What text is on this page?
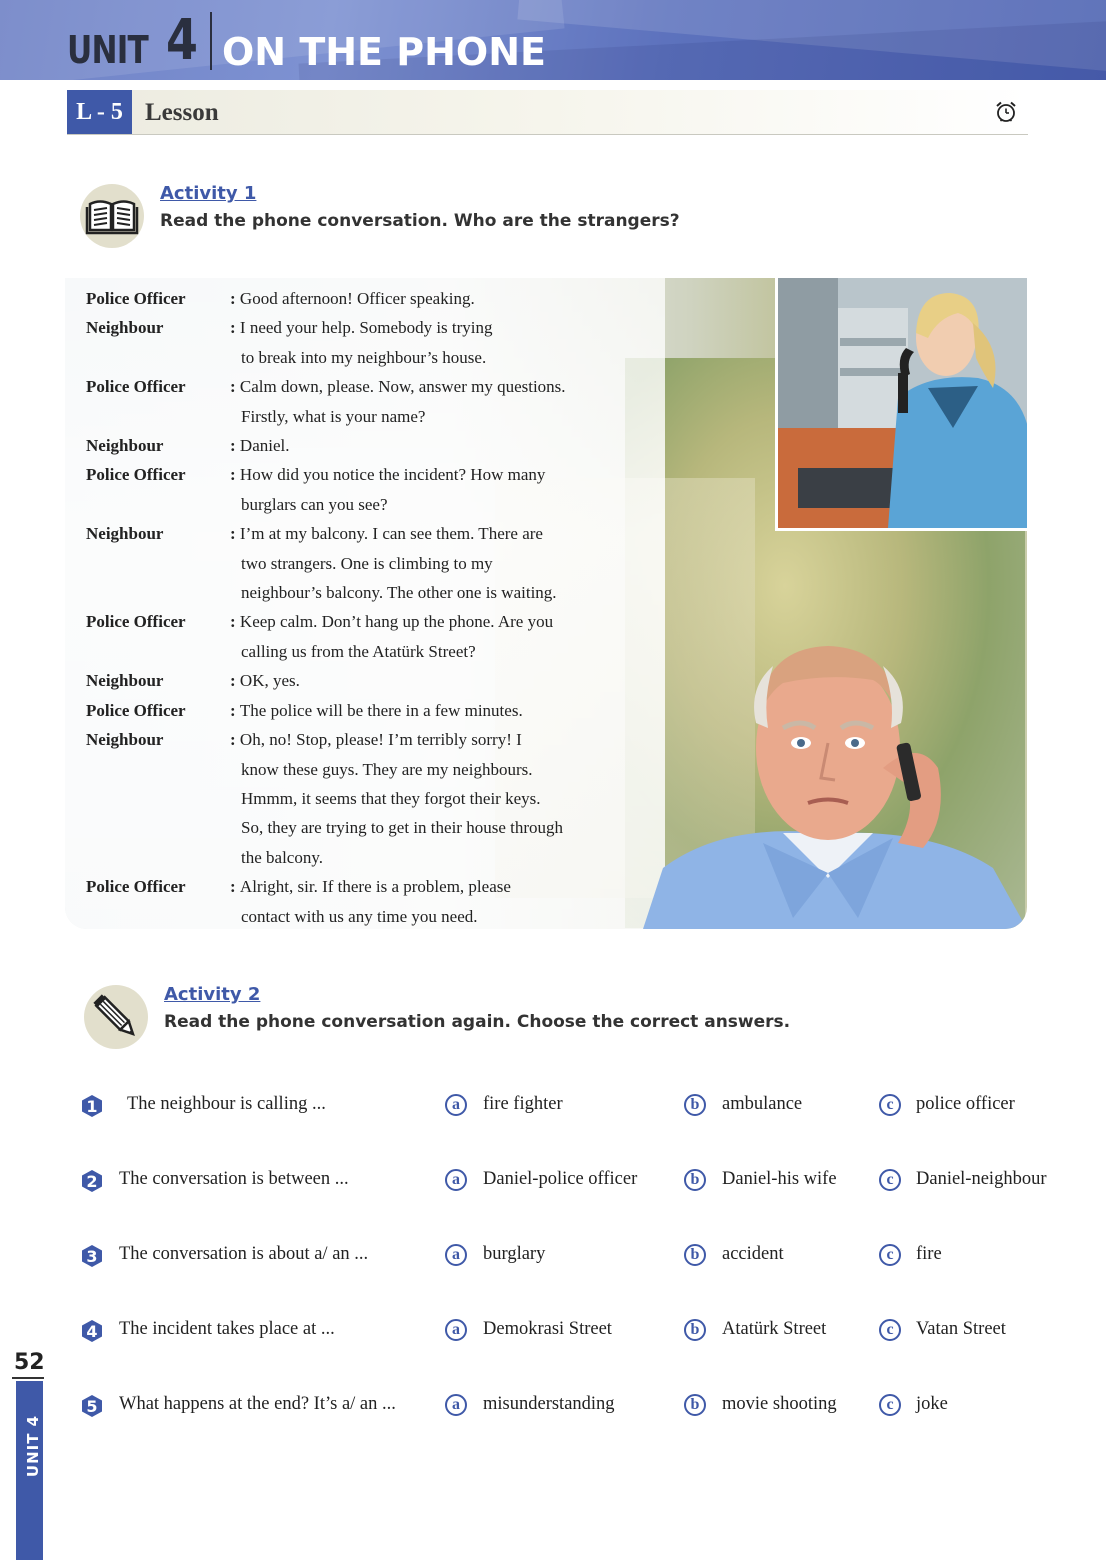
UNIT 4 ON THE PHONE
L - 5 Lesson
Activity 1
Read the phone conversation. Who are the strangers?
Police Officer	: Good afternoon! Officer speaking.
Neighbour	: I need your help. Somebody is trying
to break into my neighbour’s house.
Police Officer	: Calm down, please. Now, answer my questions.
Firstly, what is your name?
Neighbour	: Daniel.
Police Officer	: How did you notice the incident? How many
burglars can you see?
Neighbour	: I’m at my balcony. I can see them. There are
two strangers. One is climbing to my
neighbour’s balcony. The other one is waiting.
Police Officer	: Keep calm. Don’t hang up the phone. Are you
calling us from the Atatürk Street?
Neighbour	: OK, yes.
Police Officer	: The police will be there in a few minutes.
Neighbour	: Oh, no! Stop, please! I’m terribly sorry! I
know these guys. They are my neighbours.
Hmmm, it seems that they forgot their keys.
So, they are trying to get in their house through
the balcony.
Police Officer	: Alright, sir. If there is a problem, please
contact with us any time you need.
Activity 2
Read the phone conversation again. Choose the correct answers.
1	The neighbour is calling ...	a	fire fighter	b	ambulance	c	police officer
2	The conversation is between ...	a	Daniel-police officer	b	Daniel-his wife	c	Daniel-neighbour
3	The conversation is about a/ an ...	a	burglary	b	accident	c	fire
4	The incident takes place at ...	a	Demokrasi Street	b	Atatürk Street	c	Vatan Street
5	What happens at the end? It’s a/ an ...	a	misunderstanding	b	movie shooting	c	joke
52
UNIT 4
